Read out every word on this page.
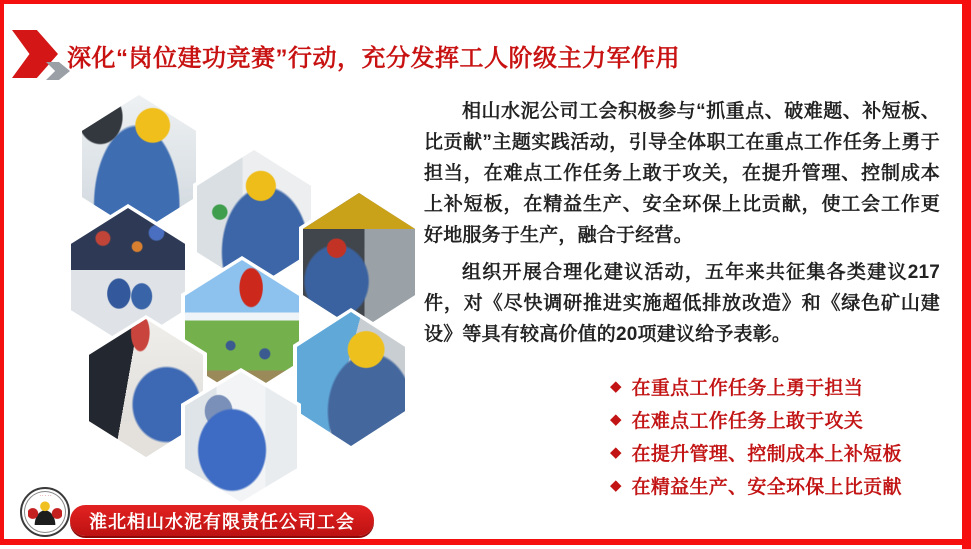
深化“岗位建功竞赛”行动，充分发挥工人阶级主力军作用

相山水泥公司工会积极参与“抓重点、破难题、补短板、比贡献”主题实践活动，引导全体职工在重点工作任务上勇于担当，在难点工作任务上敢于攻关，在提升管理、控制成本上补短板，在精益生产、安全环保上比贡献，使工会工作更好地服务于生产，融合于经营。

组织开展合理化建议活动，五年来共征集各类建议217件，对《尽快调研推进实施超低排放改造》和《绿色矿山建设》等具有较高价值的20项建议给予表彰。

◆ 在重点工作任务上勇于担当
◆ 在难点工作任务上敢于攻关
◆ 在提升管理、控制成本上补短板
◆ 在精益生产、安全环保上比贡献
淮北相山水泥有限责任公司工会
·····
